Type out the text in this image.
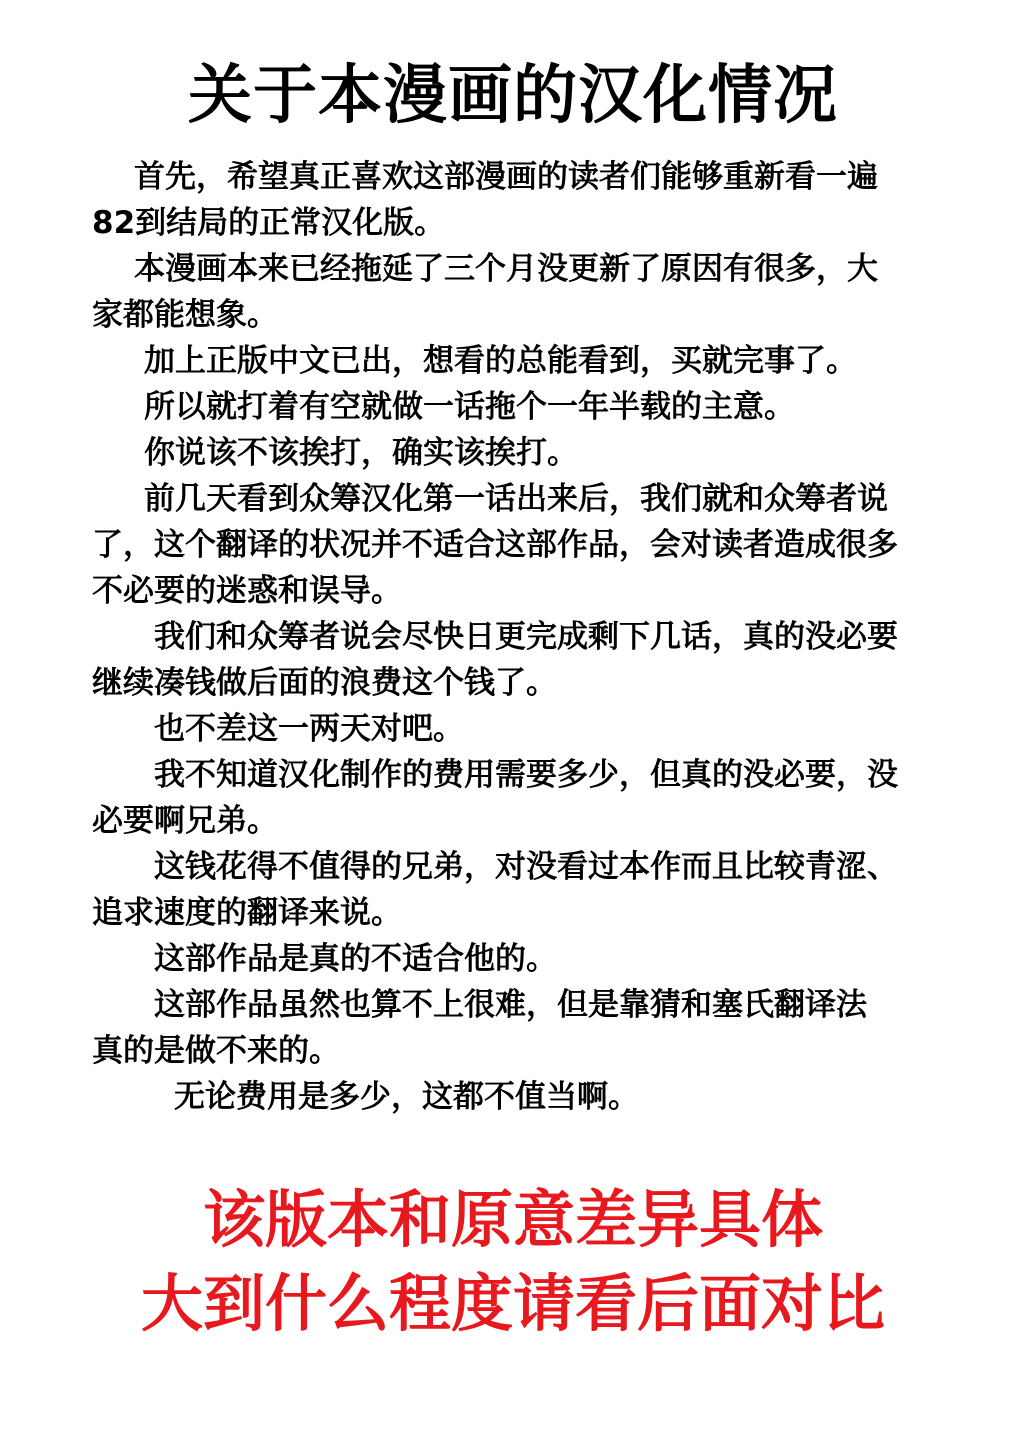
关于本漫画的汉化情况
首先，希望真正喜欢这部漫画的读者们能够重新看一遍
82到结局的正常汉化版。
本漫画本来已经拖延了三个月没更新了原因有很多，大
家都能想象。
加上正版中文已出，想看的总能看到，买就完事了。
所以就打着有空就做一话拖个一年半载的主意。
你说该不该挨打，确实该挨打。
前几天看到众筹汉化第一话出来后，我们就和众筹者说
了，这个翻译的状况并不适合这部作品，会对读者造成很多
不必要的迷惑和误导。
我们和众筹者说会尽快日更完成剩下几话，真的没必要
继续凑钱做后面的浪费这个钱了。
也不差这一两天对吧。
我不知道汉化制作的费用需要多少，但真的没必要，没
必要啊兄弟。
这钱花得不值得的兄弟，对没看过本作而且比较青涩、
追求速度的翻译来说。
这部作品是真的不适合他的。
这部作品虽然也算不上很难，但是靠猜和塞氏翻译法
真的是做不来的。
无论费用是多少，这都不值当啊。
该版本和原意差异具体
大到什么程度请看后面对比
